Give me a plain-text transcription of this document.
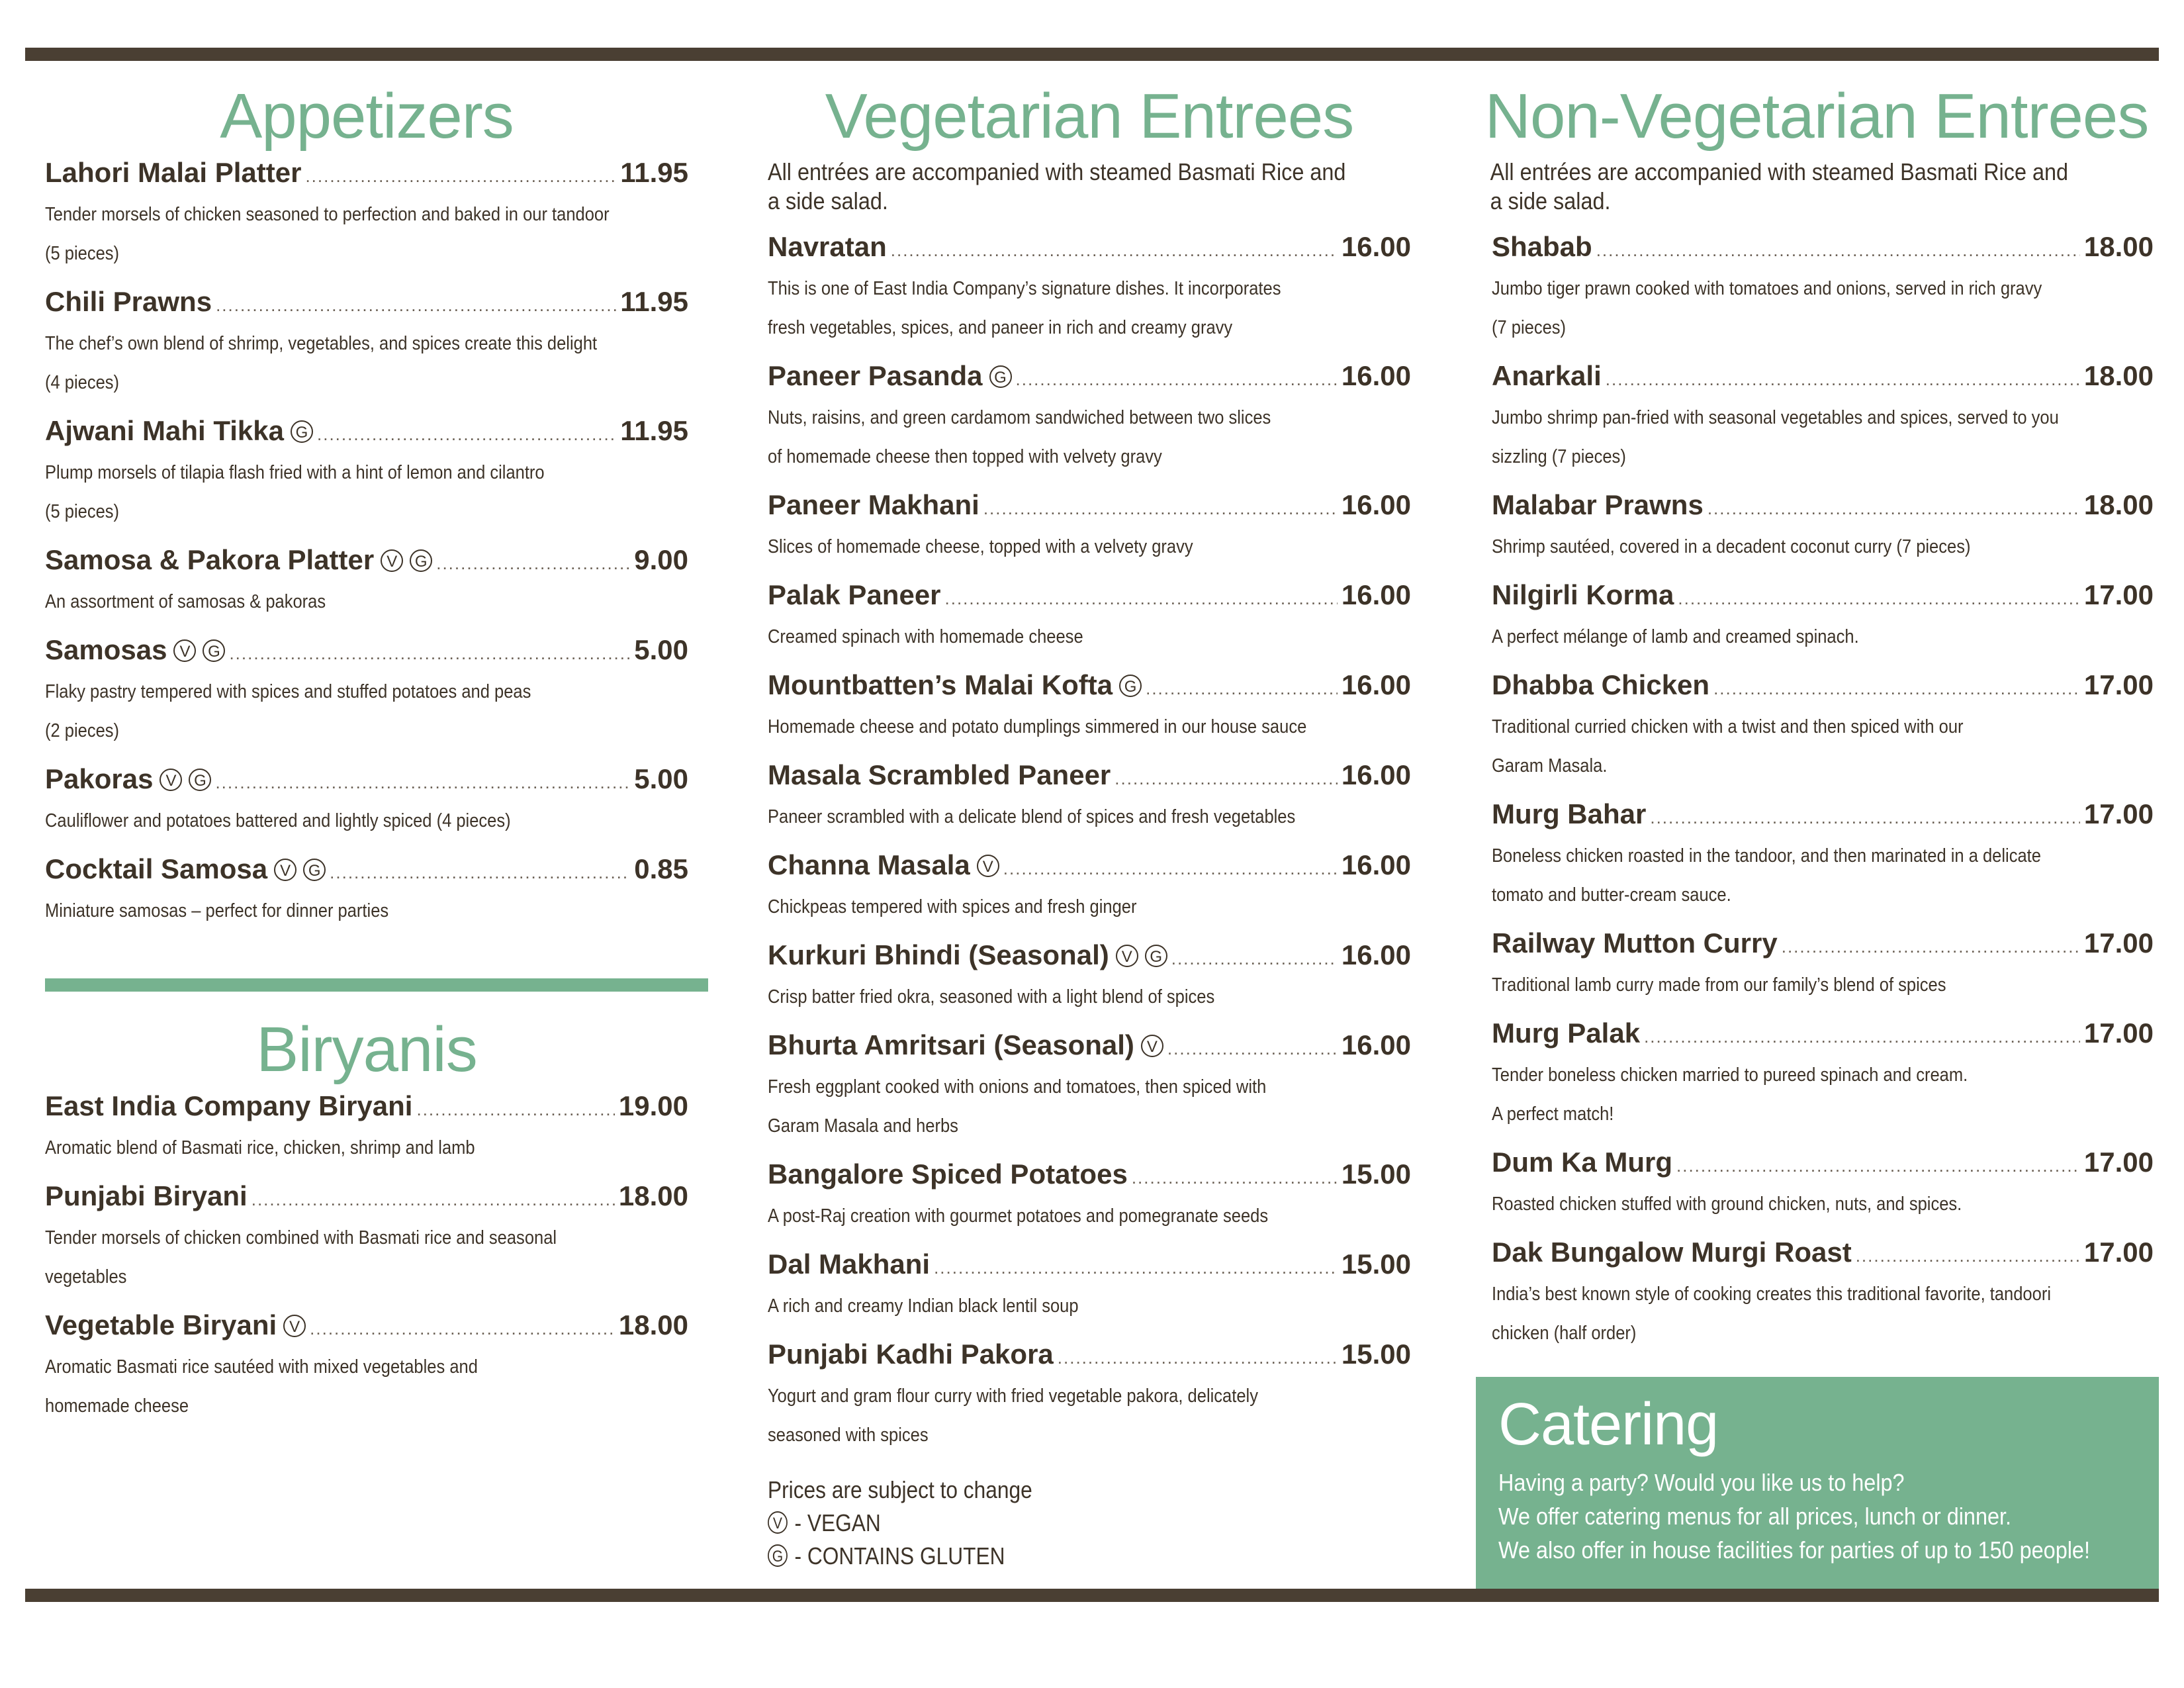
Appetizers
Lahori Malai Platter .....	11.95
Tender morsels of chicken seasoned to perfection and baked in our tandoor
(5 pieces)
Chili Prawns .....	11.95
The chef’s own blend of shrimp, vegetables, and spices create this delight
(4 pieces)
Ajwani Mahi Tikka G .....	11.95
Plump morsels of tilapia flash fried with a hint of lemon and cilantro
(5 pieces)
Samosa & Pakora Platter V	G .....	9.00
An assortment of samosas & pakoras
Samosas V	G .....	5.00
Flaky pastry tempered with spices and stuffed potatoes and peas
(2 pieces)
Pakoras V	G .....	5.00
Cauliflower and potatoes battered and lightly spiced (4 pieces)
Cocktail Samosa V	G .....	0.85
Miniature samosas – perfect for dinner parties
Biryanis
East India Company Biryani .....	19.00
Aromatic blend of Basmati rice, chicken, shrimp and lamb
Punjabi Biryani .....	18.00
Tender morsels of chicken combined with Basmati rice and seasonal
vegetables
Vegetable Biryani V .....	18.00
Aromatic Basmati rice sautéed with mixed vegetables and
homemade cheese
Vegetarian Entrees
All entrées are accompanied with steamed Basmati Rice and
a side salad.
Navratan .....	16.00
This is one of East India Company’s signature dishes. It incorporates
fresh vegetables, spices, and paneer in rich and creamy gravy
Paneer Pasanda G .....	16.00
Nuts, raisins, and green cardamom sandwiched between two slices
of homemade cheese then topped with velvety gravy
Paneer Makhani .....	16.00
Slices of homemade cheese, topped with a velvety gravy
Palak Paneer .....	16.00
Creamed spinach with homemade cheese
Mountbatten’s Malai Kofta G .....	16.00
Homemade cheese and potato dumplings simmered in our house sauce
Masala Scrambled Paneer .....	16.00
Paneer scrambled with a delicate blend of spices and fresh vegetables
Channa Masala V .....	16.00
Chickpeas tempered with spices and fresh ginger
Kurkuri Bhindi (Seasonal) V	G .....	16.00
Crisp batter fried okra, seasoned with a light blend of spices
Bhurta Amritsari (Seasonal) V .....	16.00
Fresh eggplant cooked with onions and tomatoes, then spiced with
Garam Masala and herbs
Bangalore Spiced Potatoes .....	15.00
A post-Raj creation with gourmet potatoes and pomegranate seeds
Dal Makhani .....	15.00
A rich and creamy Indian black lentil soup
Punjabi Kadhi Pakora .....	15.00
Yogurt and gram flour curry with fried vegetable pakora, delicately
seasoned with spices
Prices are subject to change
V - VEGAN
G - CONTAINS GLUTEN
Non-Vegetarian Entrees
All entrées are accompanied with steamed Basmati Rice and
a side salad.
Shabab .....	18.00
Jumbo tiger prawn cooked with tomatoes and onions, served in rich gravy
(7 pieces)
Anarkali .....	18.00
Jumbo shrimp pan-fried with seasonal vegetables and spices, served to you
sizzling (7 pieces)
Malabar Prawns .....	18.00
Shrimp sautéed, covered in a decadent coconut curry (7 pieces)
Nilgirli Korma .....	17.00
A perfect mélange of lamb and creamed spinach.
Dhabba Chicken .....	17.00
Traditional curried chicken with a twist and then spiced with our
Garam Masala.
Murg Bahar .....	17.00
Boneless chicken roasted in the tandoor, and then marinated in a delicate
tomato and butter-cream sauce.
Railway Mutton Curry .....	17.00
Traditional lamb curry made from our family’s blend of spices
Murg Palak .....	17.00
Tender boneless chicken married to pureed spinach and cream.
A perfect match!
Dum Ka Murg .....	17.00
Roasted chicken stuffed with ground chicken, nuts, and spices.
Dak Bungalow Murgi Roast .....	17.00
India’s best known style of cooking creates this traditional favorite, tandoori
chicken (half order)
Catering

Having a party? Would you like us to help?
We offer catering menus for all prices, lunch or dinner.
We also offer in house facilities for parties of up to 150 people!
